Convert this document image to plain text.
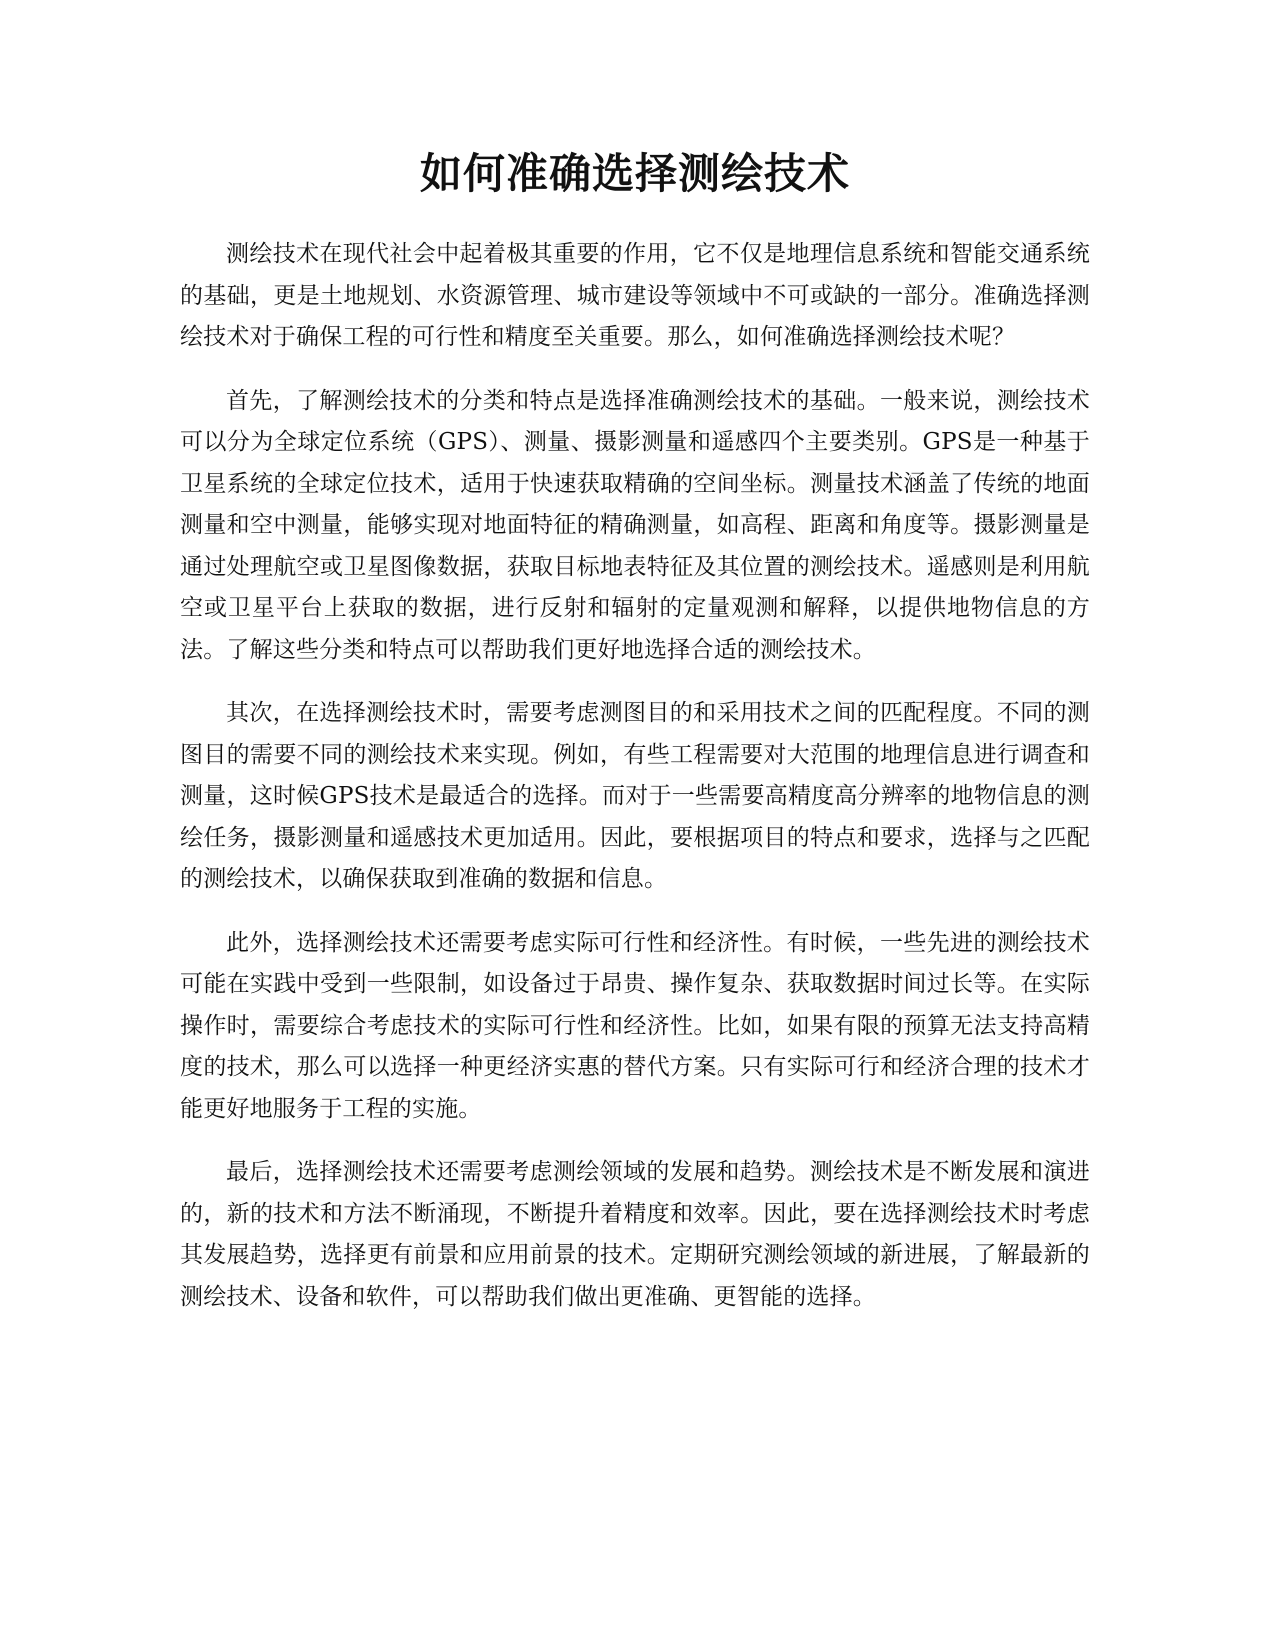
如何准确选择测绘技术

测绘技术在现代社会中起着极其重要的作用，它不仅是地理信息系统和智能交通系统的基础，更是土地规划、水资源管理、城市建设等领域中不可或缺的一部分。准确选择测绘技术对于确保工程的可行性和精度至关重要。那么，如何准确选择测绘技术呢？

首先，了解测绘技术的分类和特点是选择准确测绘技术的基础。一般来说，测绘技术可以分为全球定位系统（GPS）、测量、摄影测量和遥感四个主要类别。GPS是一种基于卫星系统的全球定位技术，适用于快速获取精确的空间坐标。测量技术涵盖了传统的地面测量和空中测量，能够实现对地面特征的精确测量，如高程、距离和角度等。摄影测量是通过处理航空或卫星图像数据，获取目标地表特征及其位置的测绘技术。遥感则是利用航空或卫星平台上获取的数据，进行反射和辐射的定量观测和解释，以提供地物信息的方法。了解这些分类和特点可以帮助我们更好地选择合适的测绘技术。

其次，在选择测绘技术时，需要考虑测图目的和采用技术之间的匹配程度。不同的测图目的需要不同的测绘技术来实现。例如，有些工程需要对大范围的地理信息进行调查和测量，这时候GPS技术是最适合的选择。而对于一些需要高精度高分辨率的地物信息的测绘任务，摄影测量和遥感技术更加适用。因此，要根据项目的特点和要求，选择与之匹配的测绘技术，以确保获取到准确的数据和信息。

此外，选择测绘技术还需要考虑实际可行性和经济性。有时候，一些先进的测绘技术可能在实践中受到一些限制，如设备过于昂贵、操作复杂、获取数据时间过长等。在实际操作时，需要综合考虑技术的实际可行性和经济性。比如，如果有限的预算无法支持高精度的技术，那么可以选择一种更经济实惠的替代方案。只有实际可行和经济合理的技术才能更好地服务于工程的实施。

最后，选择测绘技术还需要考虑测绘领域的发展和趋势。测绘技术是不断发展和演进的，新的技术和方法不断涌现，不断提升着精度和效率。因此，要在选择测绘技术时考虑其发展趋势，选择更有前景和应用前景的技术。定期研究测绘领域的新进展，了解最新的测绘技术、设备和软件，可以帮助我们做出更准确、更智能的选择。
